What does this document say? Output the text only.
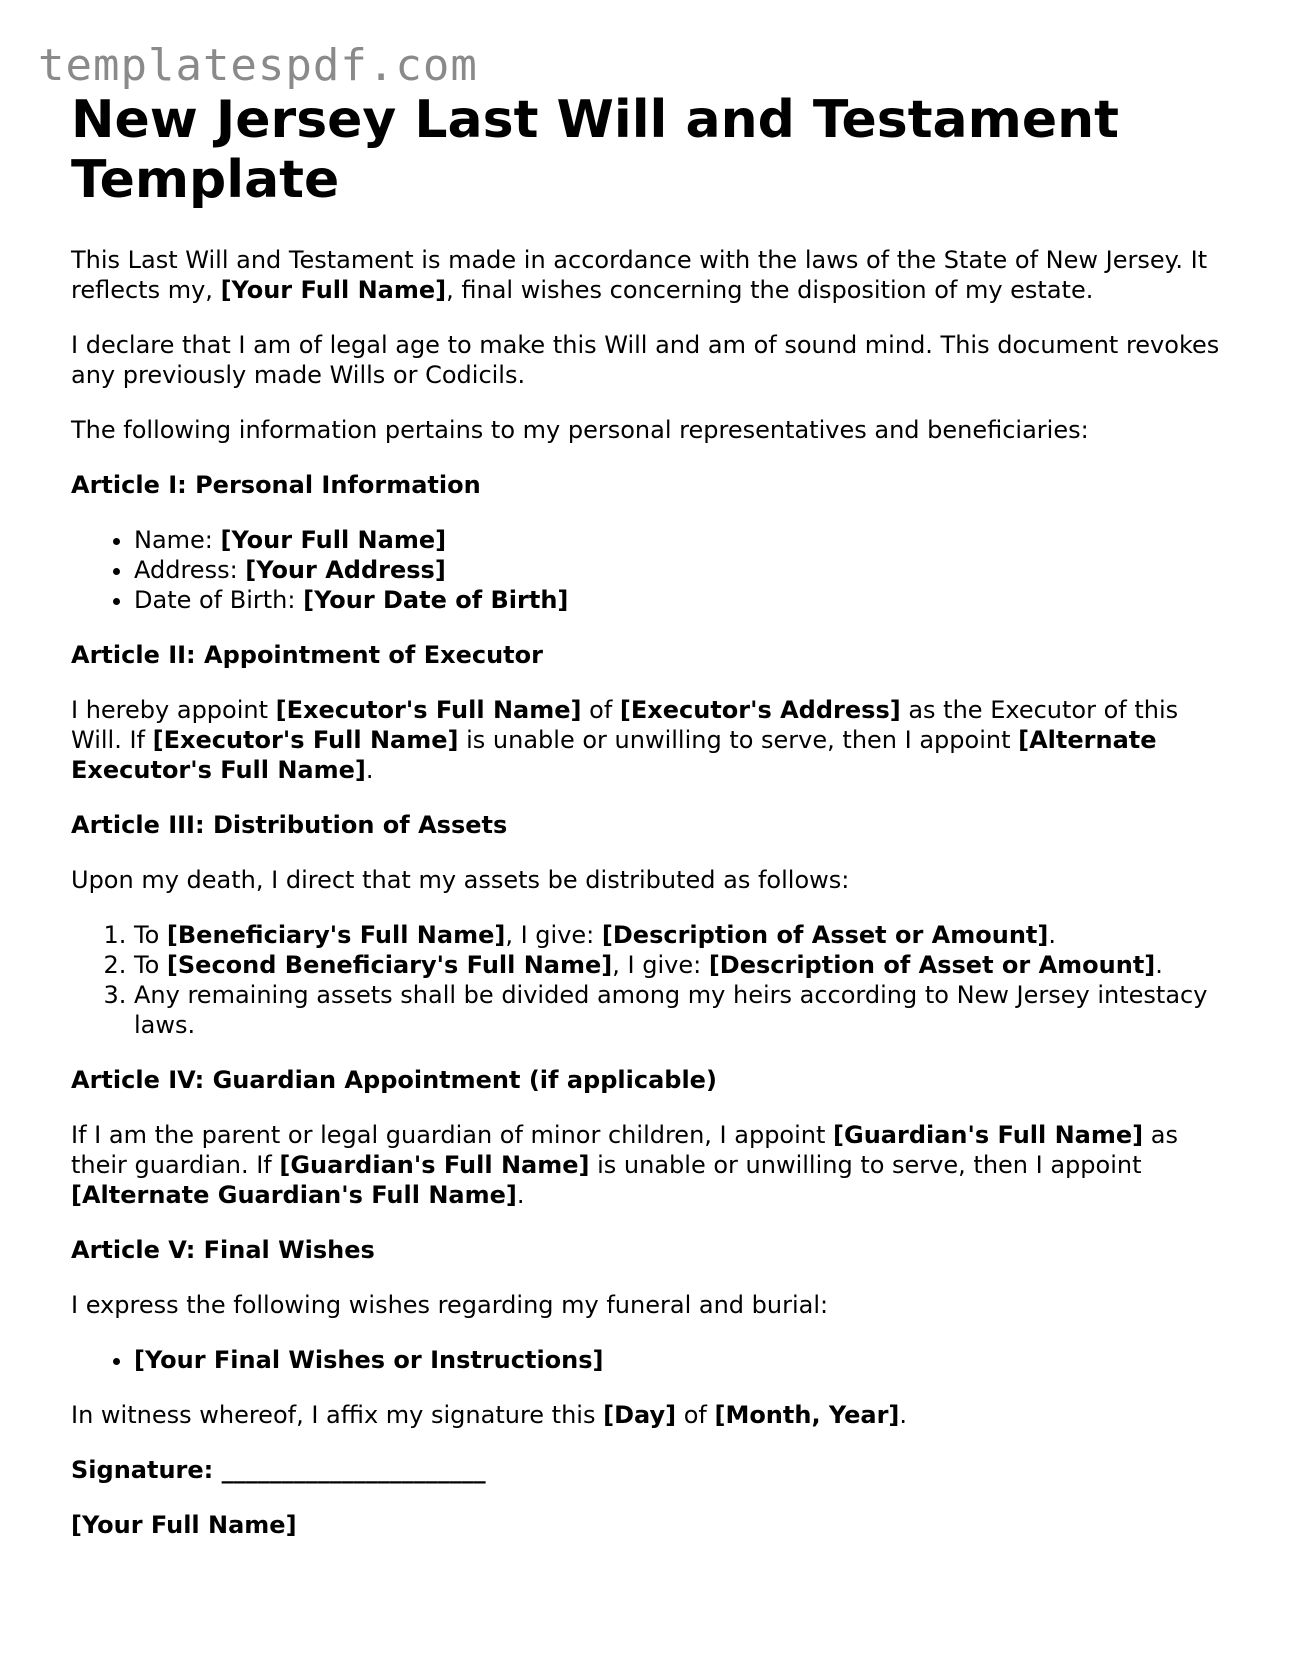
templatespdf.com
New Jersey Last Will and Testament Template

This Last Will and Testament is made in accordance with the laws of the State of New Jersey. It reflects my, [Your Full Name], final wishes concerning the disposition of my estate.

I declare that I am of legal age to make this Will and am of sound mind. This document revokes any previously made Wills or Codicils.

The following information pertains to my personal representatives and beneficiaries:

Article I: Personal Information

• Name: [Your Full Name]
• Address: [Your Address]
• Date of Birth: [Your Date of Birth]

Article II: Appointment of Executor

I hereby appoint [Executor's Full Name] of [Executor's Address] as the Executor of this Will. If [Executor's Full Name] is unable or unwilling to serve, then I appoint [Alternate Executor's Full Name].

Article III: Distribution of Assets

Upon my death, I direct that my assets be distributed as follows:

1. To [Beneficiary's Full Name], I give: [Description of Asset or Amount].
2. To [Second Beneficiary's Full Name], I give: [Description of Asset or Amount].
3. Any remaining assets shall be divided among my heirs according to New Jersey intestacy laws.

Article IV: Guardian Appointment (if applicable)

If I am the parent or legal guardian of minor children, I appoint [Guardian's Full Name] as their guardian. If [Guardian's Full Name] is unable or unwilling to serve, then I appoint [Alternate Guardian's Full Name].

Article V: Final Wishes

I express the following wishes regarding my funeral and burial:

• [Your Final Wishes or Instructions]

In witness whereof, I affix my signature this [Day] of [Month, Year].

Signature: ______________________

[Your Full Name]
